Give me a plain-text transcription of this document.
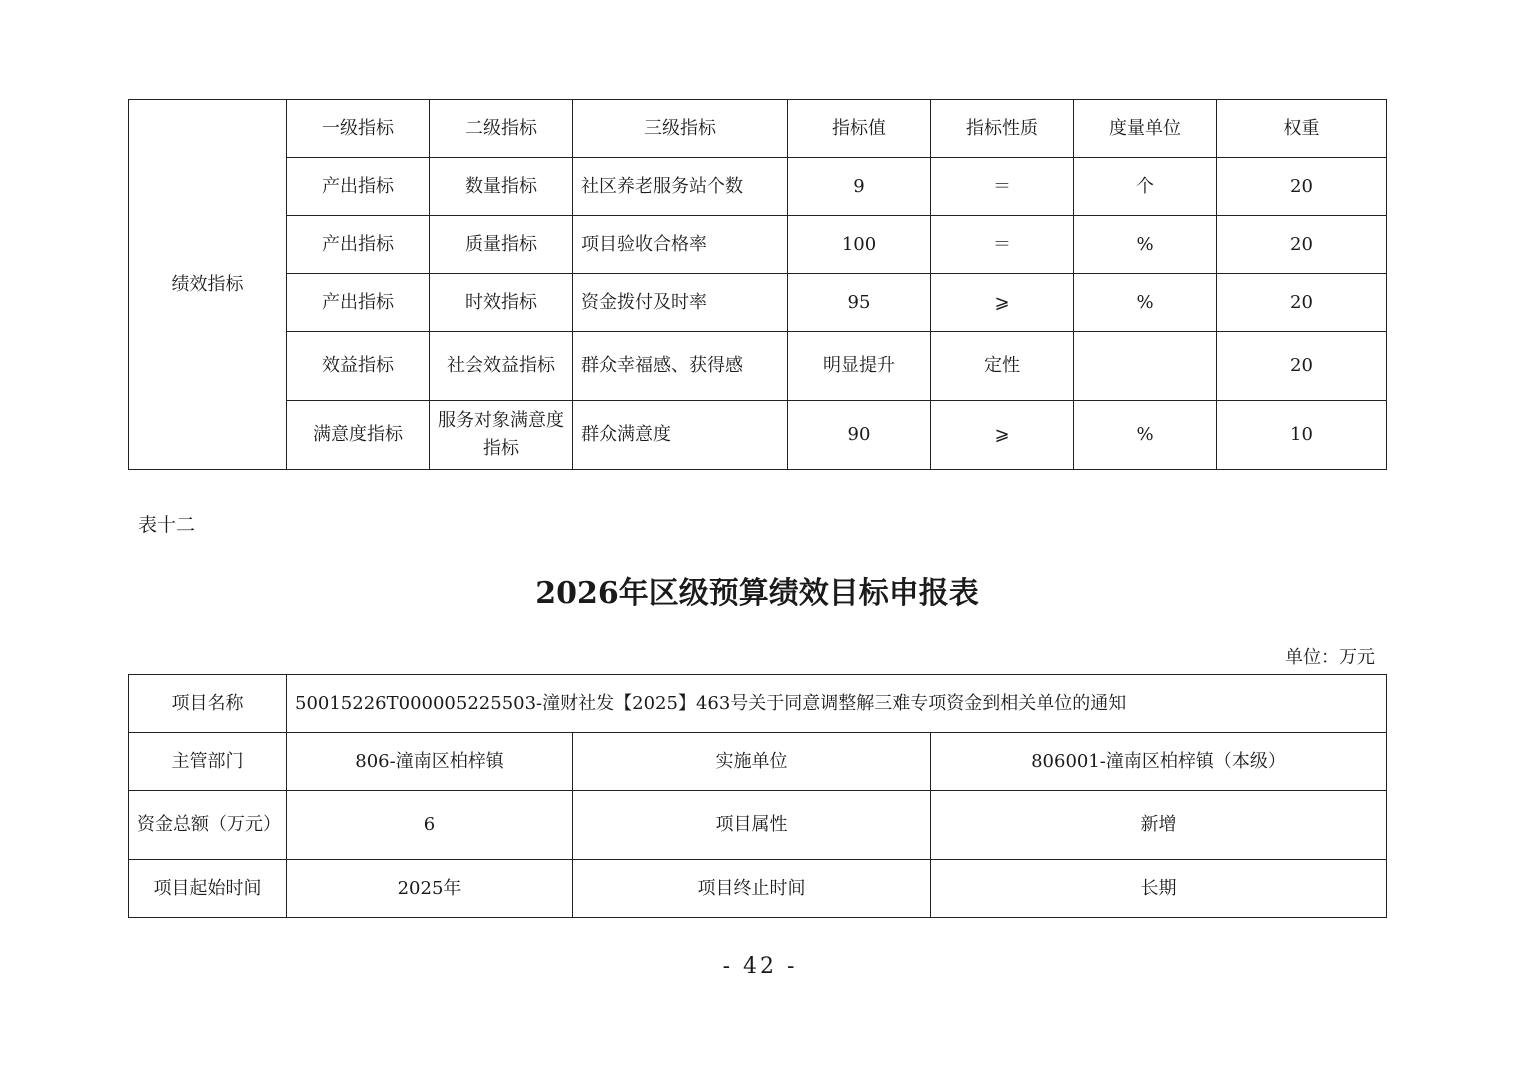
绩效指标	一级指标	二级指标	三级指标	指标值	指标性质	度量单位	权重
	产出指标	数量指标	社区养老服务站个数	9	＝	个	20
	产出指标	质量指标	项目验收合格率	100	＝	%	20
	产出指标	时效指标	资金拨付及时率	95	⩾	%	20
	效益指标	社会效益指标	群众幸福感、获得感	明显提升	定性		20
	满意度指标	服务对象满意度指标	群众满意度	90	⩾	%	10
表十二
2026年区级预算绩效目标申报表
单位：万元
项目名称	50015226T000005225503-潼财社发【2025】463号关于同意调整解三难专项资金到相关单位的通知		
主管部门	806-潼南区柏梓镇	实施单位	806001-潼南区柏梓镇（本级）
资金总额（万元）	6	项目属性	新增
项目起始时间	2025年	项目终止时间	长期
- 42 -
